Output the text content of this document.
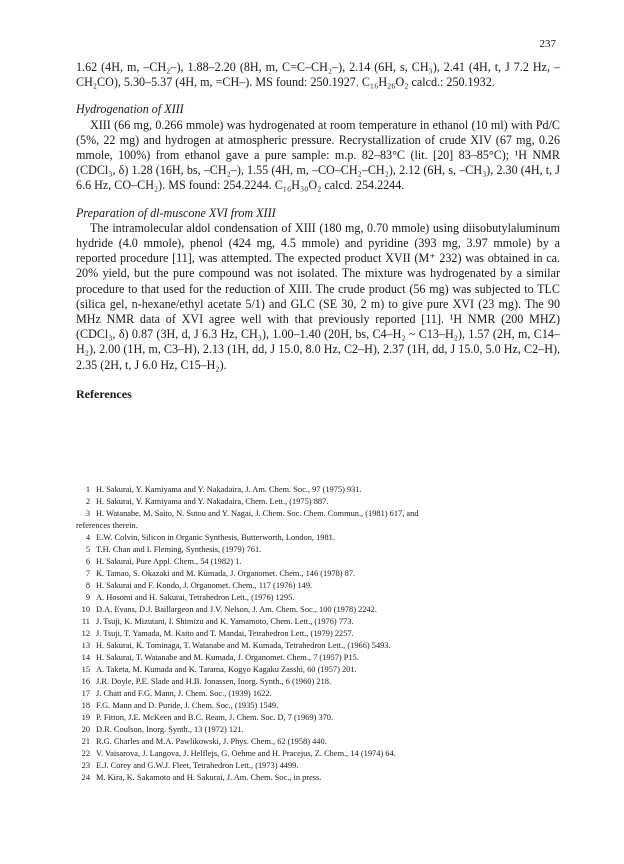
237

1.62 (4H, m, –CH₂–), 1.88–2.20 (8H, m, C=C–CH₂–), 2.14 (6H, s, CH₃), 2.41 (4H, t, J 7.2 Hz, –CH₂CO), 5.30–5.37 (4H, m, =CH–). MS found: 250.1927. C₁₆H₂₆O₂ calcd.: 250.1932.

Hydrogenation of XIII

XIII (66 mg, 0.266 mmole) was hydrogenated at room temperature in ethanol (10 ml) with Pd/C (5%, 22 mg) and hydrogen at atmospheric pressure. Recrystallization of crude XIV (67 mg, 0.26 mmole, 100%) from ethanol gave a pure sample: m.p. 82–83°C (lit. [20] 83–85°C); ¹H NMR (CDCl₃, δ) 1.28 (16H, bs, –CH₂–), 1.55 (4H, m, –CO–CH₂–CH₂), 2.12 (6H, s, –CH₃), 2.30 (4H, t, J 6.6 Hz, CO–CH₂). MS found: 254.2244. C₁₆H₃₀O₂ calcd. 254.2244.

Preparation of dl-muscone XVI from XIII

The intramolecular aldol condensation of XIII (180 mg, 0.70 mmole) using diisobutylaluminum hydride (4.0 mmole), phenol (424 mg, 4.5 mmole) and pyridine (393 mg, 3.97 mmole) by a reported procedure [11], was attempted. The expected product XVII (M⁺ 232) was obtained in ca. 20% yield, but the pure compound was not isolated. The mixture was hydrogenated by a similar procedure to that used for the reduction of XIII. The crude product (56 mg) was subjected to TLC (silica gel, n-hexane/ethyl acetate 5/1) and GLC (SE 30, 2 m) to give pure XVI (23 mg). The 90 MHz NMR data of XVI agree well with that previously reported [11]. ¹H NMR (200 MHZ) (CDCl₃, δ) 0.87 (3H, d, J 6.3 Hz, CH₃), 1.00–1.40 (20H, bs, C4–H₂ ~ C13–H₂), 1.57 (2H, m, C14–H₂), 2.00 (1H, m, C3–H), 2.13 (1H, dd, J 15.0, 8.0 Hz, C2–H), 2.37 (1H, dd, J 15.0, 5.0 Hz, C2–H), 2.35 (2H, t, J 6.0 Hz, C15–H₂).

References

1 H. Sakurai, Y. Kamiyama and Y. Nakadaira, J. Am. Chem. Soc., 97 (1975) 931.
2 H. Sakurai, Y. Kamiyama and Y. Nakadaira, Chem. Lett., (1975) 887.
3 H. Watanabe, M. Saito, N. Sutou and Y. Nagai, J. Chem. Soc. Chem. Commun., (1981) 617, and
references therein.
4 E.W. Colvin, Silicon in Organic Synthesis, Butterworth, London, 1981.
5 T.H. Chan and I. Fleming, Synthesis, (1979) 761.
6 H. Sakurai, Pure Appl. Chem., 54 (1982) 1.
7 K. Tamao, S. Okazaki and M. Kumada, J. Organomet. Chem., 146 (1978) 87.
8 H. Sakurai and F. Kondo, J. Organomet. Chem., 117 (1976) 149.
9 A. Hosomi and H. Sakurai, Tetrahedron Lett., (1976) 1295.
10 D.A. Evans, D.J. Baillargeon and J.V. Nelson, J. Am. Chem. Soc., 100 (1978) 2242.
11 J. Tsuji, K. Mizutani, I. Shimizu and K. Yamamoto, Chem. Lett., (1976) 773.
12 J. Tsuji, T. Yamada, M. Kaito and T. Mandai, Tetrahedron Lett., (1979) 2257.
13 H. Sakurai, K. Tominaga, T. Watanabe and M. Kumada, Tetrahedron Lett., (1966) 5493.
14 H. Sakurai, T. Watanabe and M. Kumada, J. Organomet. Chem., 7 (1957) P15.
15 A. Taketa, M. Kumada and K. Tarama, Kogyo Kagaku Zasshi, 60 (1957) 201.
16 J.R. Doyle, P.E. Slade and H.B. Jonassen, Inorg. Synth., 6 (1960) 218.
17 J. Chatt and F.G. Mann, J. Chem. Soc., (1939) 1622.
18 F.G. Mann and D. Puride, J. Chem. Soc., (1935) 1549.
19 P. Fitton, J.E. McKeen and B.C. Ream, J. Chem. Soc. D, 7 (1969) 370.
20 D.R. Coulson, Inorg. Synth., 13 (1972) 121.
21 R.G. Charles and M.A. Pawlikowski, J. Phys. Chem., 62 (1958) 440.
22 V. Vaisarova, J. Langova, J. Helflejs, G. Oehme and H. Pracejus, Z. Chem., 14 (1974) 64.
23 E.J. Corey and G.W.J. Fleet, Tetrahedron Lett., (1973) 4499.
24 M. Kira, K. Sakamoto and H. Sakurai, J. Am. Chem. Soc., in press.
